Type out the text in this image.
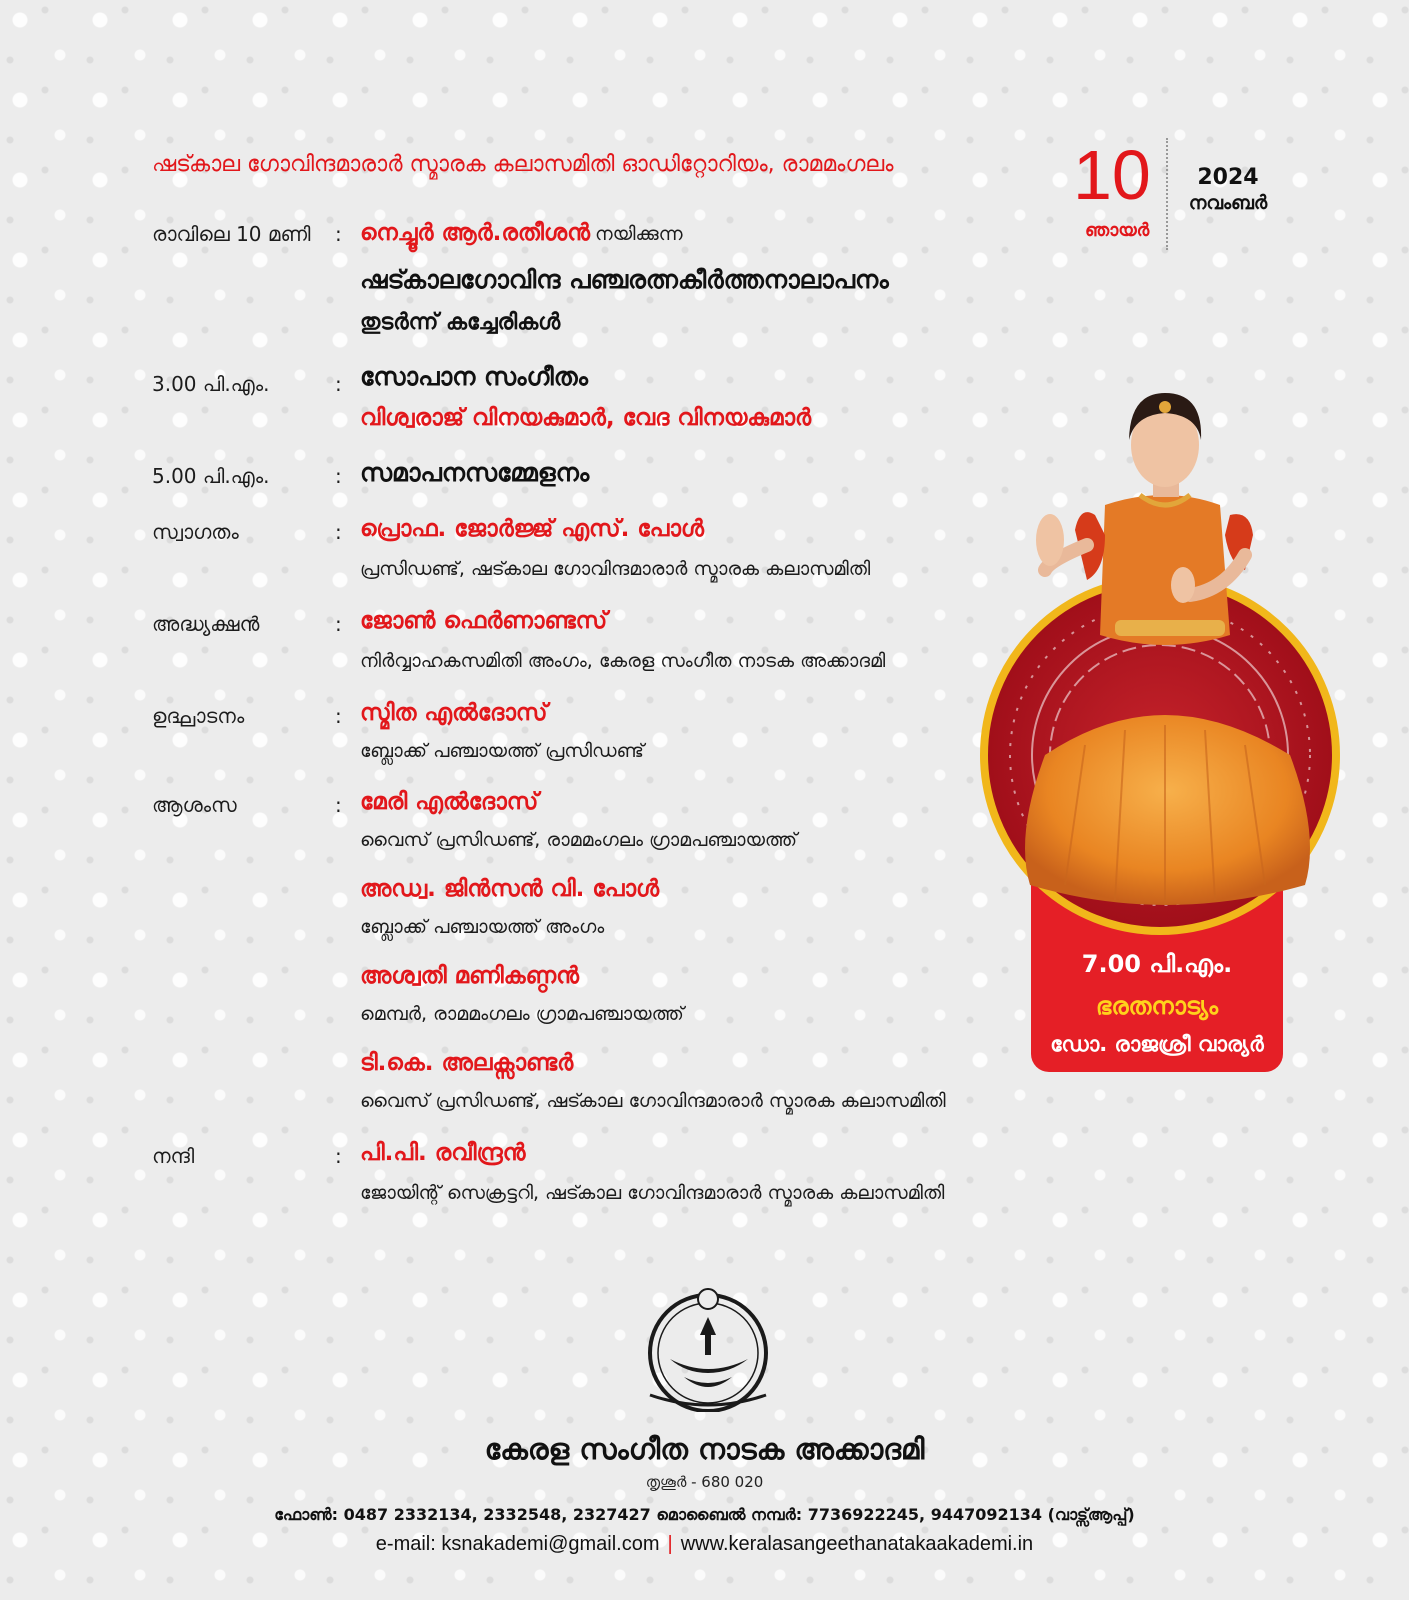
ഷട്കാല ഗോവിന്ദമാരാർ സ്മാരക കലാസമിതി ഓഡിറ്റോറിയം, രാമമംഗലം	10
ഞായർ
2024
നവംബർ
രാവിലെ 10 മണി : നെച്ചൂർ ആർ.രതീശൻ നയിക്കുന്ന
ഷട്കാലഗോവിന്ദ പഞ്ചരത്നകീർത്തനാലാപനം
തുടർന്ന് കച്ചേരികൾ
3.00 പി.എം.	: സോപാന സംഗീതം
വിശ്വരാജ് വിനയകുമാർ, വേദ വിനയകുമാർ
5.00 പി.എം.	: സമാപനസമ്മേളനം
സ്വാഗതം	: പ്രൊഫ. ജോർജ്ജ് എസ്. പോൾ
പ്രസിഡണ്ട്, ഷട്കാല ഗോവിന്ദമാരാർ സ്മാരക കലാസമിതി
അദ്ധ്യക്ഷൻ	: ജോൺ ഫെർണാണ്ടസ്
നിർവ്വാഹകസമിതി അംഗം, കേരള സംഗീത നാടക അക്കാദമി
ഉദ്ഘാടനം	: സ്മിത എൽദോസ്
ബ്ലോക്ക് പഞ്ചായത്ത് പ്രസിഡണ്ട്
ആശംസ	: മേരി എൽദോസ്
വൈസ് പ്രസിഡണ്ട്, രാമമംഗലം ഗ്രാമപഞ്ചായത്ത്
അഡ്വ. ജിൻസൻ വി. പോൾ
ബ്ലോക്ക് പഞ്ചായത്ത് അംഗം
അശ്വതി മണികണ്ഠൻ
മെമ്പർ, രാമമംഗലം ഗ്രാമപഞ്ചായത്ത്
ടി.കെ. അലക്സാണ്ടർ
വൈസ് പ്രസിഡണ്ട്, ഷട്കാല ഗോവിന്ദമാരാർ സ്മാരക കലാസമിതി
നന്ദി	: പി.പി. രവീന്ദ്രൻ
ജോയിന്റ് സെക്രട്ടറി, ഷട്കാല ഗോവിന്ദമാരാർ സ്മാരക കലാസമിതി
7.00 പി.എം.
ഭരതനാട്യം
ഡോ. രാജശ്രീ വാര്യർ
കേരള സംഗീത നാടക അക്കാദമി
തൃശൂർ - 680 020
ഫോൺ: 0487 2332134, 2332548, 2327427 മൊബൈൽ നമ്പർ: 7736922245, 9447092134 (വാട്സ്ആപ്പ്)
e-mail: ksnakademi@gmail.com | www.keralasangeethanatakaakademi.in
